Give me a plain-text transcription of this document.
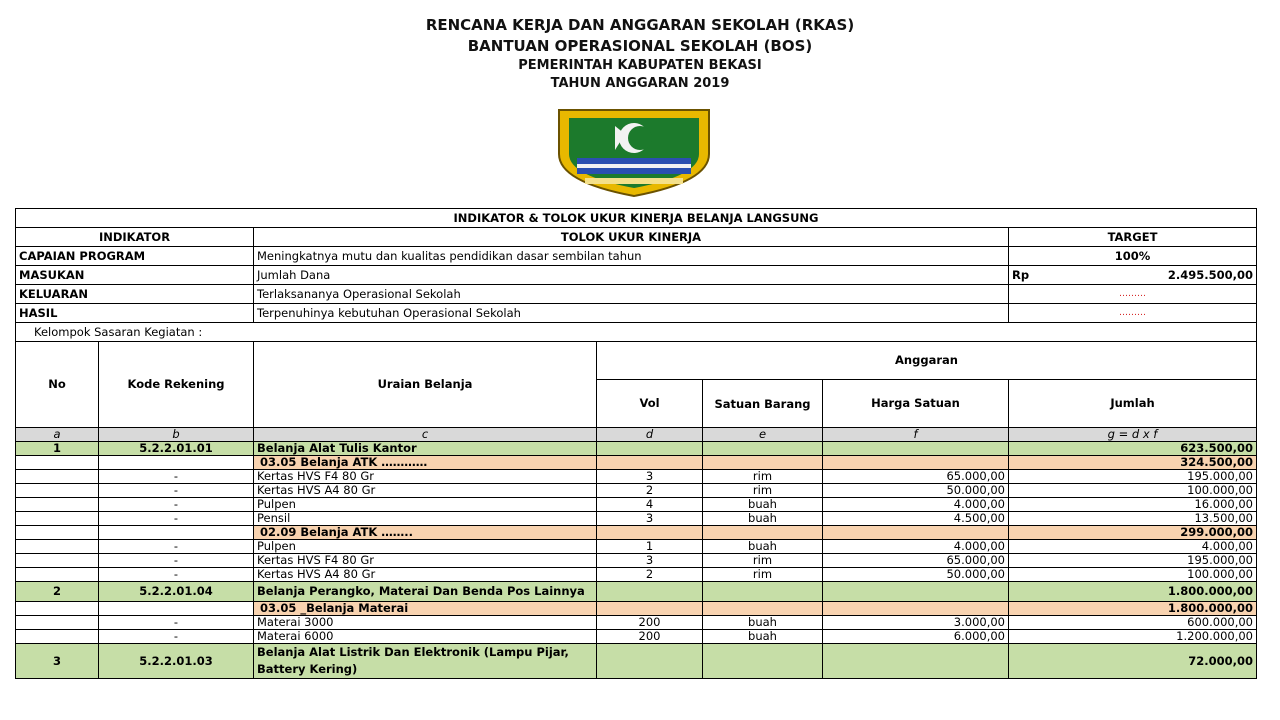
RENCANA KERJA DAN ANGGARAN SEKOLAH (RKAS)
BANTUAN OPERASIONAL SEKOLAH (BOS)
PEMERINTAH KABUPATEN BEKASI
TAHUN ANGGARAN 2019
INDIKATOR & TOLOK UKUR KINERJA BELANJA LANGSUNG						
INDIKATOR		TOLOK UKUR KINERJA				TARGET
CAPAIAN PROGRAM		Meningkatnya mutu dan kualitas pendidikan dasar sembilan tahun				100%
MASUKAN		Jumlah Dana				Rp 2.495.500,00

KELUARAN		Terlaksananya Operasional Sekolah				………
HASIL		Terpenuhinya kebutuhan Operasional Sekolah				………
Kelompok Sasaran Kegiatan :						
No	Kode Rekening	Uraian Belanja	Anggaran			
			Vol	Satuan Barang	Harga Satuan	Jumlah
a	b	c	d	e	f	g = d x f
1	5.2.2.01.01	Belanja Alat Tulis Kantor				623.500,00
		03.05 Belanja ATK …………				324.500,00
	-	Kertas HVS F4 80 Gr	3	rim	65.000,00	195.000,00
	-	Kertas HVS A4 80 Gr	2	rim	50.000,00	100.000,00
	-	Pulpen	4	buah	4.000,00	16.000,00
	-	Pensil	3	buah	4.500,00	13.500,00
		02.09 Belanja ATK ……..				299.000,00
	-	Pulpen	1	buah	4.000,00	4.000,00
	-	Kertas HVS F4 80 Gr	3	rim	65.000,00	195.000,00
	-	Kertas HVS A4 80 Gr	2	rim	50.000,00	100.000,00
2	5.2.2.01.04	Belanja Perangko, Materai Dan Benda Pos Lainnya				1.800.000,00
		03.05 _Belanja Materai				1.800.000,00
	-	Materai 3000	200	buah	3.000,00	600.000,00
	-	Materai 6000	200	buah	6.000,00	1.200.000,00
3	5.2.2.01.03	Belanja Alat Listrik Dan Elektronik (Lampu Pijar, Battery Kering)				72.000,00
